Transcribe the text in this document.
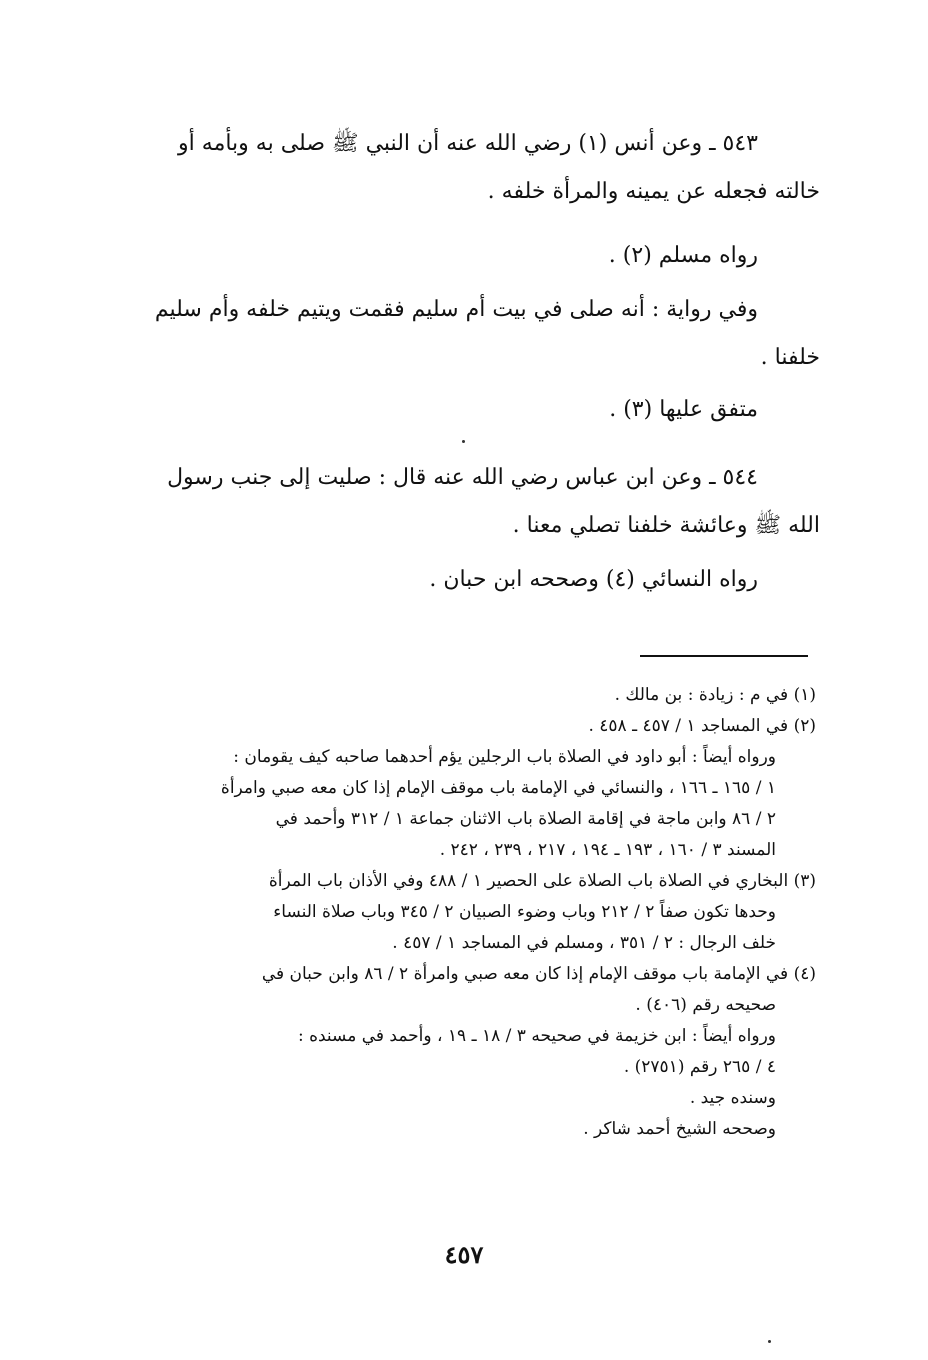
٥٤٣ ـ وعن أنس (١) رضي الله عنه أن النبي ﷺ صلى به وبأمه أو
خالته فجعله عن يمينه والمرأة خلفه .
رواه مسلم (٢) .
وفي رواية : أنه صلى في بيت أم سليم فقمت ويتيم خلفه وأم سليم
خلفنا .
متفق عليها (٣) .
٥٤٤ ـ وعن ابن عباس رضي الله عنه قال : صليت إلى جنب رسول
الله ﷺ وعائشة خلفنا تصلي معنا .
رواه النسائي (٤) وصححه ابن حبان .
(١) في م : زيادة : بن مالك .
(٢) في المساجد ١ / ٤٥٧ ـ ٤٥٨ .
ورواه أيضاً : أبو داود في الصلاة باب الرجلين يؤم أحدهما صاحبه كيف يقومان :
١ / ١٦٥ ـ ١٦٦ ، والنسائي في الإمامة باب موقف الإمام إذا كان معه صبي وامرأة
٢ / ٨٦ وابن ماجة في إقامة الصلاة باب الاثنان جماعة ١ / ٣١٢ وأحمد في
المسند ٣ / ١٦٠ ، ١٩٣ ـ ١٩٤ ، ٢١٧ ، ٢٣٩ ، ٢٤٢ .
(٣) البخاري في الصلاة باب الصلاة على الحصير ١ / ٤٨٨ وفي الأذان باب المرأة
وحدها تكون صفاً ٢ / ٢١٢ وباب وضوء الصبيان ٢ / ٣٤٥ وباب صلاة النساء
خلف الرجال : ٢ / ٣٥١ ، ومسلم في المساجد ١ / ٤٥٧ .
(٤) في الإمامة باب موقف الإمام إذا كان معه صبي وامرأة ٢ / ٨٦ وابن حبان في
صحيحه رقم (٤٠٦) .
ورواه أيضاً : ابن خزيمة في صحيحه ٣ / ١٨ ـ ١٩ ، وأحمد في مسنده :
٤ / ٢٦٥ رقم (٢٧٥١) .
وسنده جيد .
وصححه الشيخ أحمد شاكر .
٤٥٧
